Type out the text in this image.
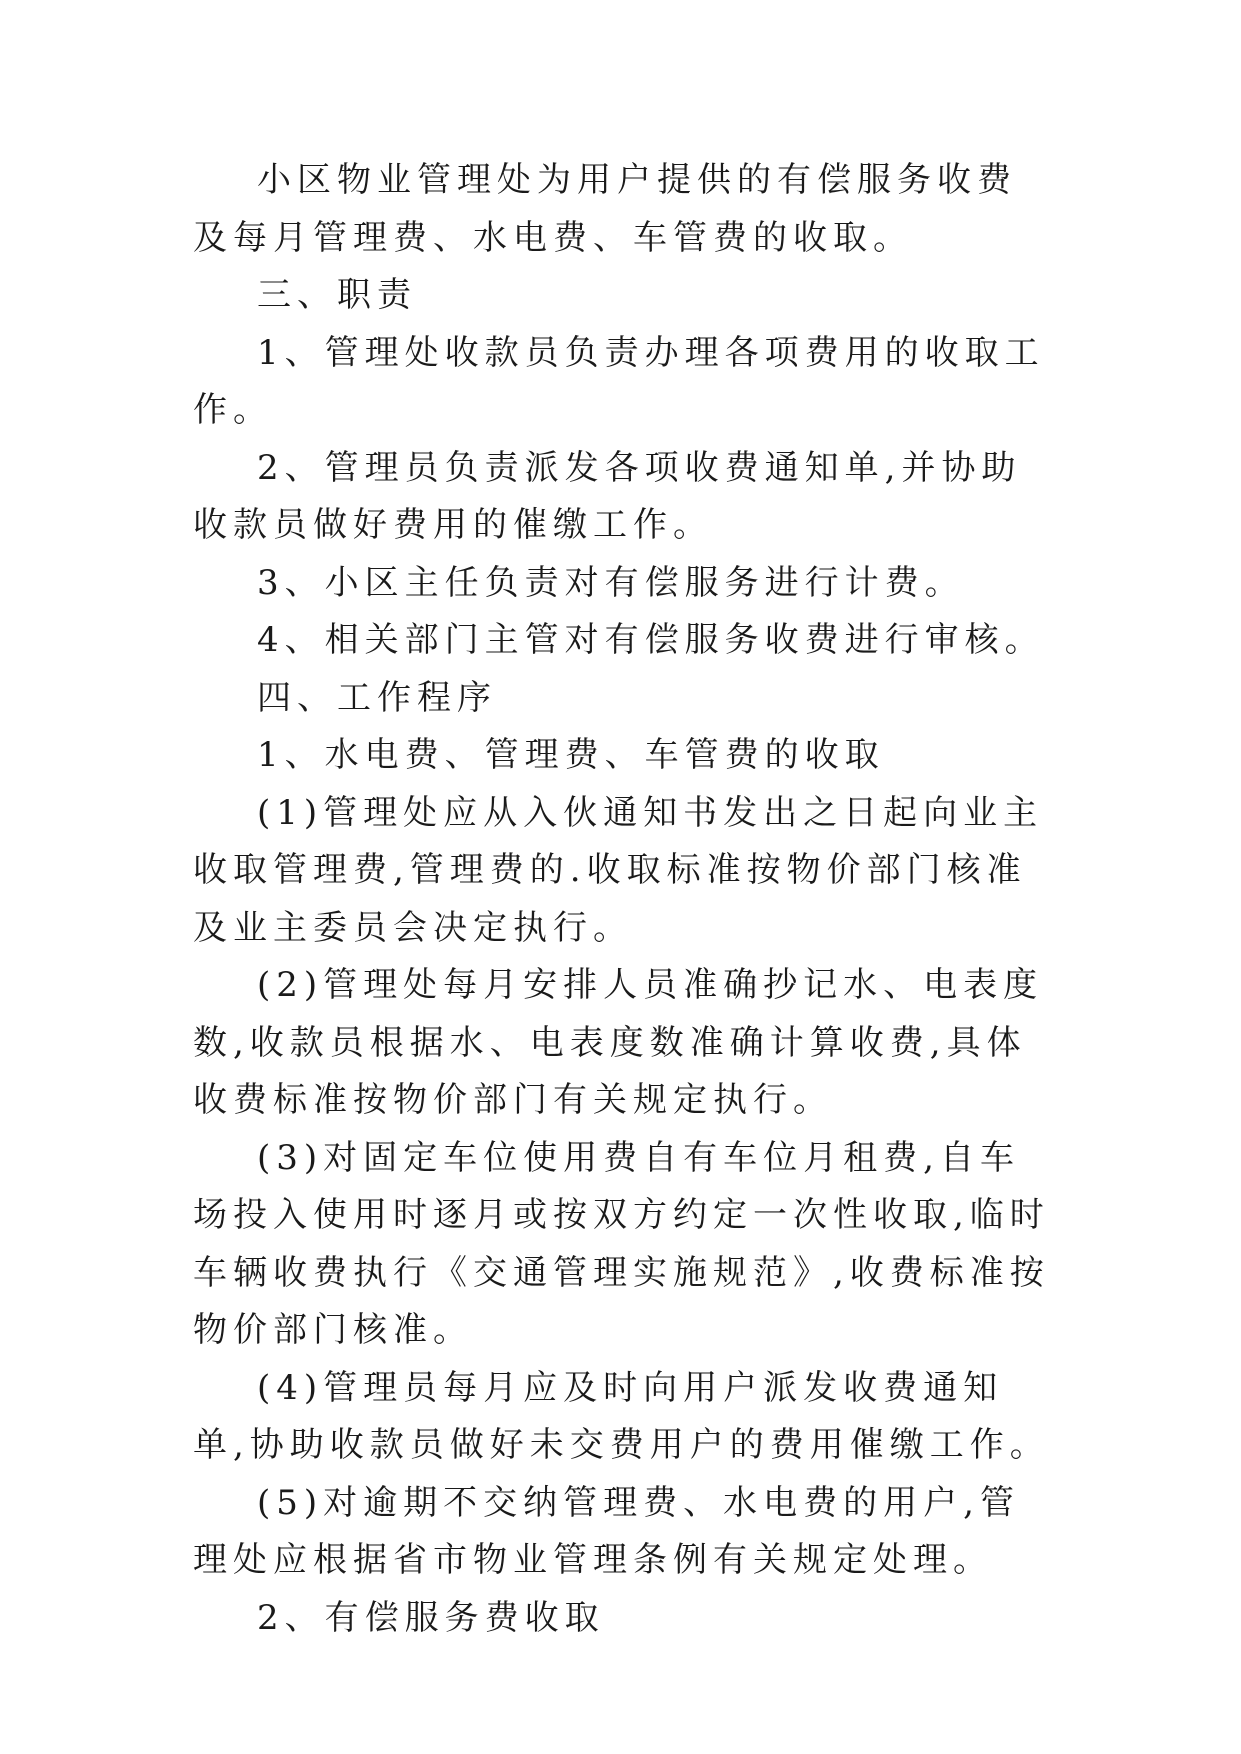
小区物业管理处为用户提供的有偿服务收费及每月管理费、水电费、车管费的收取。

三、职责

1、管理处收款员负责办理各项费用的收取工作。

2、管理员负责派发各项收费通知单,并协助收款员做好费用的催缴工作。

3、小区主任负责对有偿服务进行计费。

4、相关部门主管对有偿服务收费进行审核。

四、工作程序

1、水电费、管理费、车管费的收取

(1)管理处应从入伙通知书发出之日起向业主收取管理费,管理费的.收取标准按物价部门核准及业主委员会决定执行。

(2)管理处每月安排人员准确抄记水、电表度数,收款员根据水、电表度数准确计算收费,具体收费标准按物价部门有关规定执行。

(3)对固定车位使用费自有车位月租费,自车场投入使用时逐月或按双方约定一次性收取,临时车辆收费执行《交通管理实施规范》,收费标准按物价部门核准。

(4)管理员每月应及时向用户派发收费通知单,协助收款员做好未交费用户的费用催缴工作。

(5)对逾期不交纳管理费、水电费的用户,管理处应根据省市物业管理条例有关规定处理。

2、有偿服务费收取
